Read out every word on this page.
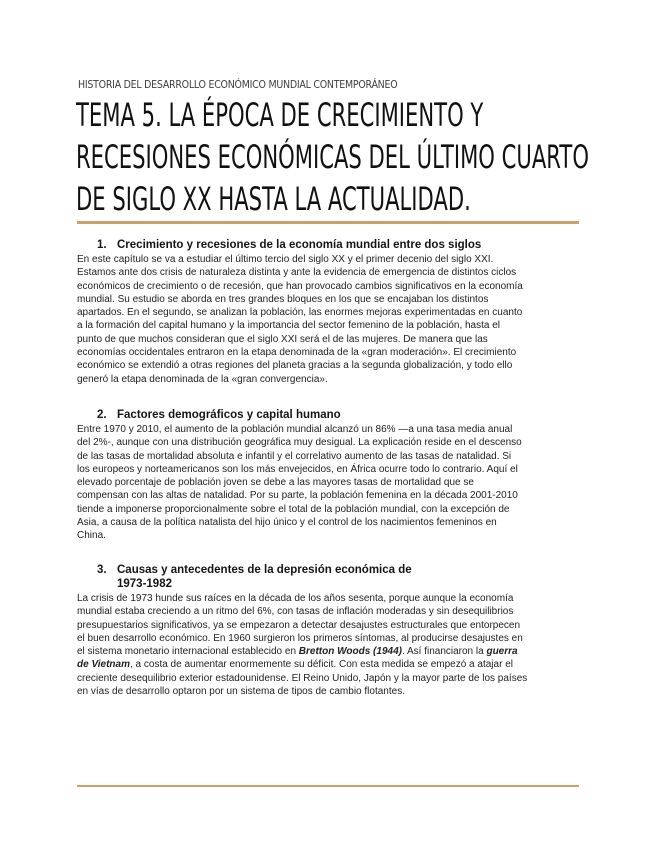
HISTORIA DEL DESARROLLO ECONÓMICO MUNDIAL CONTEMPORÁNEO
TEMA 5. LA ÉPOCA DE CRECIMIENTO Y
RECESIONES ECONÓMICAS DEL ÚLTIMO CUARTO
DE SIGLO XX HASTA LA ACTUALIDAD.
1. Crecimiento y recesiones de la economía mundial entre dos siglos
En este capítulo se va a estudiar el último tercio del siglo XX y el primer decenio del siglo XXI.
Estamos ante dos crisis de naturaleza distinta y ante la evidencia de emergencia de distintos ciclos
económicos de crecimiento o de recesión, que han provocado cambios significativos en la economía
mundial. Su estudio se aborda en tres grandes bloques en los que se encajaban los distintos
apartados. En el segundo, se analizan la población, las enormes mejoras experimentadas en cuanto
a la formación del capital humano y la importancia del sector femenino de la población, hasta el
punto de que muchos consideran que el siglo XXI será el de las mujeres. De manera que las
economías occidentales entraron en la etapa denominada de la «gran moderación». El crecimiento
económico se extendió a otras regiones del planeta gracias a la segunda globalización, y todo ello
generó la etapa denominada de la «gran convergencia».
2. Factores demográficos y capital humano
Entre 1970 y 2010, el aumento de la población mundial alcanzó un 86% —a una tasa media anual
del 2%-, aunque con una distribución geográfica muy desigual. La explicación reside en el descenso
de las tasas de mortalidad absoluta e infantil y el correlativo aumento de las tasas de natalidad. Si
los europeos y norteamericanos son los más envejecidos, en África ocurre todo lo contrario. Aquí el
elevado porcentaje de población joven se debe a las mayores tasas de mortalidad que se
compensan con las altas de natalidad. Por su parte, la población femenina en la década 2001-2010
tiende a imponerse proporcionalmente sobre el total de la población mundial, con la excepción de
Asia, a causa de la política natalista del hijo único y el control de los nacimientos femeninos en
China.
3. Causas y antecedentes de la depresión económica de
1973-1982
La crisis de 1973 hunde sus raíces en la década de los años sesenta, porque aunque la economía
mundial estaba creciendo a un ritmo del 6%, con tasas de inflación moderadas y sin desequilibrios
presupuestarios significativos, ya se empezaron a detectar desajustes estructurales que entorpecen
el buen desarrollo económico. En 1960 surgieron los primeros síntomas, al producirse desajustes en
el sistema monetario internacional establecido en Bretton Woods (1944). Así financiaron la guerra
de Vietnam, a costa de aumentar enormemente su déficit. Con esta medida se empezó a atajar el
creciente desequilibrio exterior estadounidense. El Reino Unido, Japón y la mayor parte de los países
en vías de desarrollo optaron por un sistema de tipos de cambio flotantes.
